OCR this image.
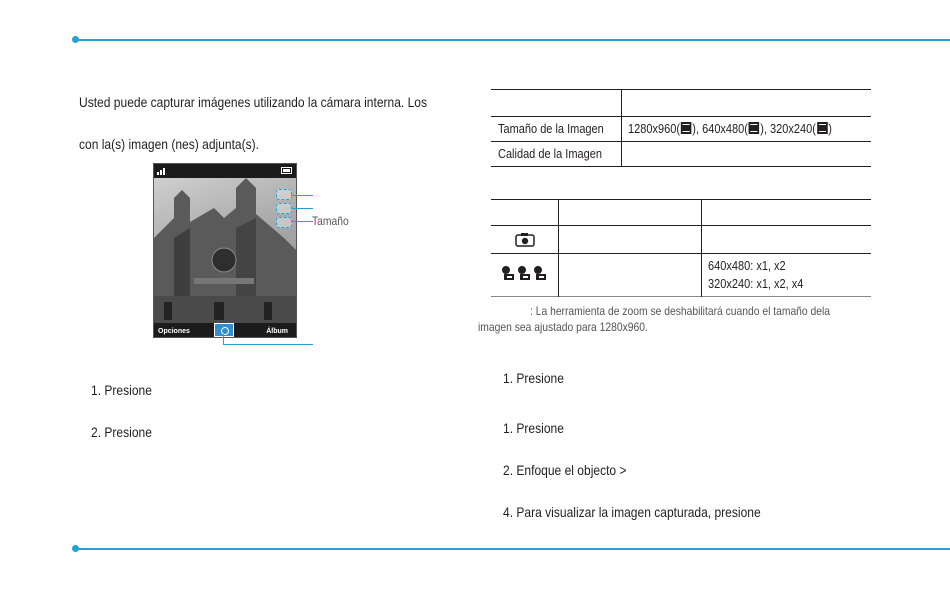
Usted puede capturar imágenes utilizando la cámara interna. Los
con la(s) imagen (nes) adjunta(s).
Opciones	Álbum
Tamaño
1. Presione
2. Presione
Tamaño de la Imagen 1280x960( ), 640x480( ), 320x240( )
Calidad de la Imagen
640x480: x1, x2
320x240: x1, x2, x4
: La herramienta de zoom se deshabilitará cuando el tamaño dela
imagen sea ajustado para 1280x960.
1. Presione
1. Presione
2. Enfoque el objecto >
4. Para visualizar la imagen capturada, presione
